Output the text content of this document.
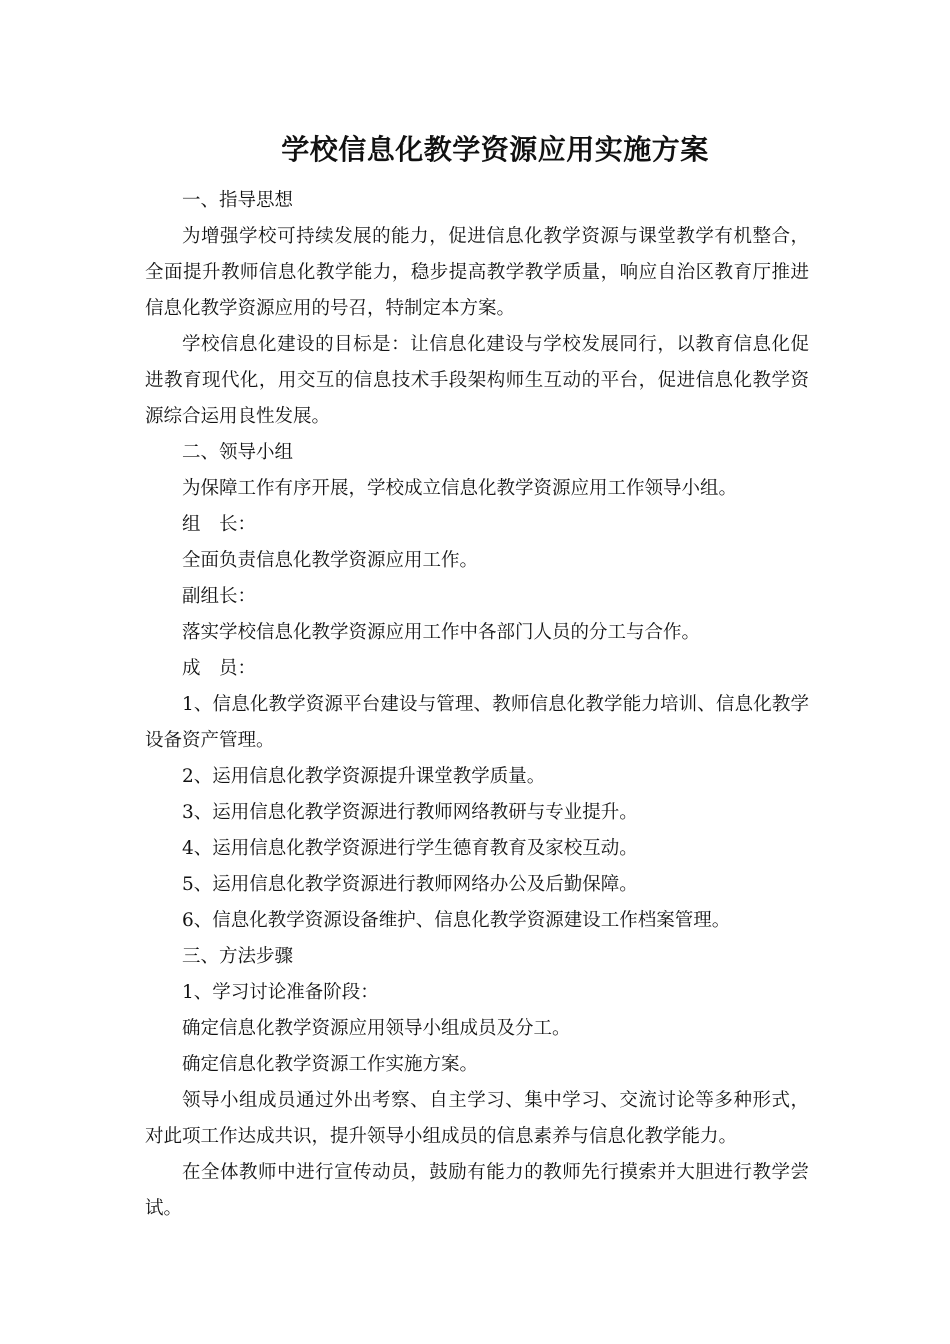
学校信息化教学资源应用实施方案

一、指导思想

为增强学校可持续发展的能力，促进信息化教学资源与课堂教学有机整合，全面提升教师信息化教学能力，稳步提高教学教学质量，响应自治区教育厅推进信息化教学资源应用的号召，特制定本方案。

学校信息化建设的目标是：让信息化建设与学校发展同行，以教育信息化促进教育现代化，用交互的信息技术手段架构师生互动的平台，促进信息化教学资源综合运用良性发展。

二、领导小组

为保障工作有序开展，学校成立信息化教学资源应用工作领导小组。

组　长：

全面负责信息化教学资源应用工作。

副组长：

落实学校信息化教学资源应用工作中各部门人员的分工与合作。

成　员：

1、信息化教学资源平台建设与管理、教师信息化教学能力培训、信息化教学设备资产管理。

2、运用信息化教学资源提升课堂教学质量。

3、运用信息化教学资源进行教师网络教研与专业提升。

4、运用信息化教学资源进行学生德育教育及家校互动。

5、运用信息化教学资源进行教师网络办公及后勤保障。

6、信息化教学资源设备维护、信息化教学资源建设工作档案管理。

三、方法步骤

1、学习讨论准备阶段：

确定信息化教学资源应用领导小组成员及分工。

确定信息化教学资源工作实施方案。

领导小组成员通过外出考察、自主学习、集中学习、交流讨论等多种形式，对此项工作达成共识，提升领导小组成员的信息素养与信息化教学能力。

在全体教师中进行宣传动员，鼓励有能力的教师先行摸索并大胆进行教学尝试。
